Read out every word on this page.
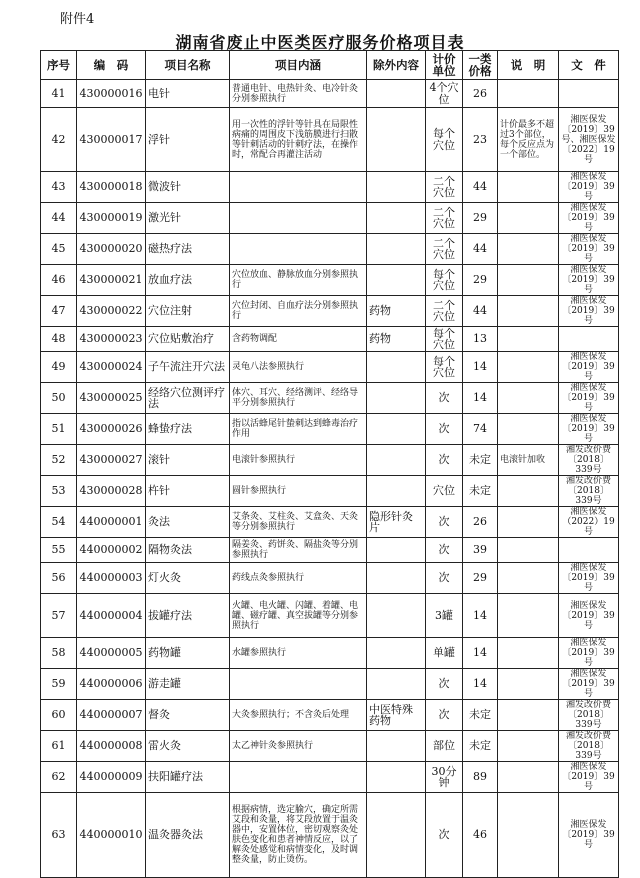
附件4
湖南省废止中医类医疗服务价格项目表
序号	编　码	项目名称	项目内涵	除外内容	计价单位	一类价格	说　明	文　件
41	430000016	电针	普通电针、电热针灸、电冷针灸分别参照执行		4个穴位	26		
42	430000017	浮针	用一次性的浮针等针具在局限性病痛的周围皮下浅筋膜进行扫散等针刺活动的针刺疗法，在操作时，常配合再灌注活动		每个穴位	23	计价最多不超过3个部位，每个反应点为一个部位。	湘医保发〔2019〕39号、湘医保发〔2022〕19号
43	430000018	微波针			二个穴位	44		湘医保发〔2019〕39号
44	430000019	激光针			二个穴位	29		湘医保发〔2019〕39号
45	430000020	磁热疗法			二个穴位	44		湘医保发〔2019〕39号
46	430000021	放血疗法	穴位放血、静脉放血分别参照执行		每个穴位	29		湘医保发〔2019〕39号
47	430000022	穴位注射	穴位封闭、自血疗法分别参照执行	药物	二个穴位	44		湘医保发〔2019〕39号
48	430000023	穴位贴敷治疗	含药物调配	药物	每个穴位	13		
49	430000024	子午流注开穴法	灵龟八法参照执行		每个穴位	14		湘医保发〔2019〕39号
50	430000025	经络穴位测评疗法	体穴、耳穴、经络测评、经络导平分别参照执行		次	14		湘医保发〔2019〕39号
51	430000026	蜂蛰疗法	指以活蜂尾针蛰刺达到蜂毒治疗作用		次	74		湘医保发〔2019〕39号
52	430000027	滚针	电滚针参照执行		次	未定	电滚针加收	湘发改价费〔2018〕339号
53	430000028	杵针	圆针参照执行		穴位	未定		湘发改价费〔2018〕339号
54	440000001	灸法	艾条灸、艾柱灸、艾盒灸、天灸等分别参照执行	隐形针灸片	次	26		湘医保发（2022）19号
55	440000002	隔物灸法	隔姜灸、药饼灸、隔盐灸等分别参照执行		次	39		
56	440000003	灯火灸	药线点灸参照执行		次	29		湘医保发〔2019〕39号
57	440000004	拔罐疗法	火罐、电火罐、闪罐、着罐、电罐、磁疗罐、真空拔罐等分别参照执行		3罐	14		湘医保发〔2019〕39号
58	440000005	药物罐	水罐参照执行		单罐	14		湘医保发〔2019〕39号
59	440000006	游走罐			次	14		湘医保发〔2019〕39号
60	440000007	督灸	大灸参照执行；不含灸后处理	中医特殊药物	次	未定		湘发改价费〔2018〕339号
61	440000008	雷火灸	太乙神针灸参照执行		部位	未定		湘发改价费〔2018〕339号
62	440000009	扶阳罐疗法			30分钟	89		湘医保发〔2019〕39号
63	440000010	温灸器灸法	根据病情，选定腧穴，确定所需艾段和灸量，将艾段放置于温灸器中，安置体位，密切观察灸处肤色变化和患者神情反应，以了解灸处感觉和病情变化，及时调整灸量，防止烫伤。		次	46		湘医保发〔2019〕39号
